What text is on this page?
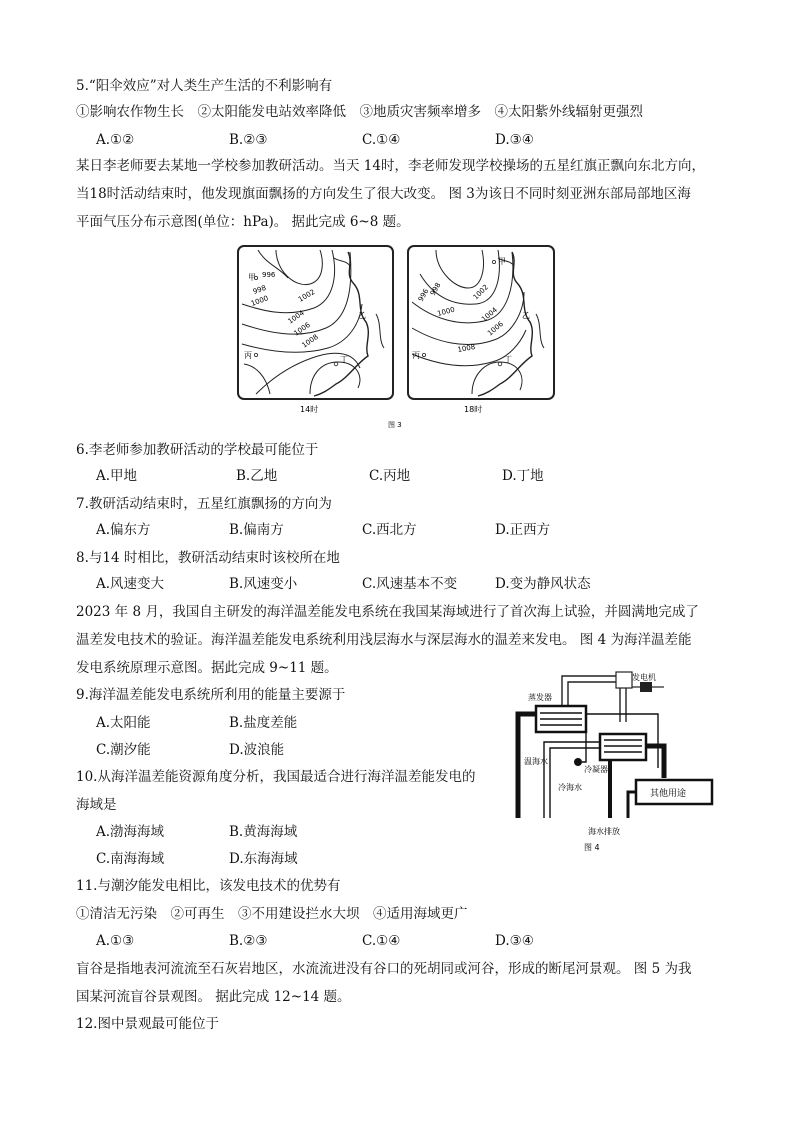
5.“阳伞效应”对人类生产生活的不利影响有
①影响农作物生长　②太阳能发电站效率降低　③地质灾害频率增多　④太阳紫外线辐射更强烈
A.①②	B.②③	C.①④	D.③④
某日李老师要去某地一学校参加教研活动。当天 14时，李老师发现学校操场的五星红旗正飘向东北方向，
当18时活动结束时，他发现旗面飘扬的方向发生了很大改变。 图 3为该日不同时刻亚洲东部局部地区海
平面气压分布示意图(单位：hPa)。 据此完成 6~8 题。
甲 996
998
1000	1002
1004
1006
1008
乙
丙	丁
甲
996
998
1000
1002
1004
1006
1008
乙
丙	丁
14时	18时
图 3
6.李老师参加教研活动的学校最可能位于
A.甲地	B.乙地	C.丙地	D.丁地
7.教研活动结束时，五星红旗飘扬的方向为
A.偏东方	B.偏南方	C.西北方	D.正西方
8.与14 时相比，教研活动结束时该校所在地
A.风速变大	B.风速变小	C.风速基本不变	D.变为静风状态
2023 年 8 月，我国自主研发的海洋温差能发电系统在我国某海域进行了首次海上试验，并圆满地完成了
温差发电技术的验证。海洋温差能发电系统利用浅层海水与深层海水的温差来发电。 图 4 为海洋温差能
发电系统原理示意图。据此完成 9~11 题。
9.海洋温差能发电系统所利用的能量主要源于
A.太阳能	B.盐度差能
C.潮汐能	D.波浪能
10.从海洋温差能资源角度分析，我国最适合进行海洋温差能发电的
海域是
A.渤海海域	B.黄海海域
C.南海海域	D.东海海域
发电机
蒸发器
冷凝器
温海水
冷海水
其他用途
海水排放
图 4
11.与潮汐能发电相比，该发电技术的优势有
①清洁无污染　②可再生　③不用建设拦水大坝　④适用海域更广
A.①③	B.②③	C.①④	D.③④
盲谷是指地表河流流至石灰岩地区，水流流进没有谷口的死胡同或河谷，形成的断尾河景观。 图 5 为我
国某河流盲谷景观图。 据此完成 12~14 题。
12.图中景观最可能位于
